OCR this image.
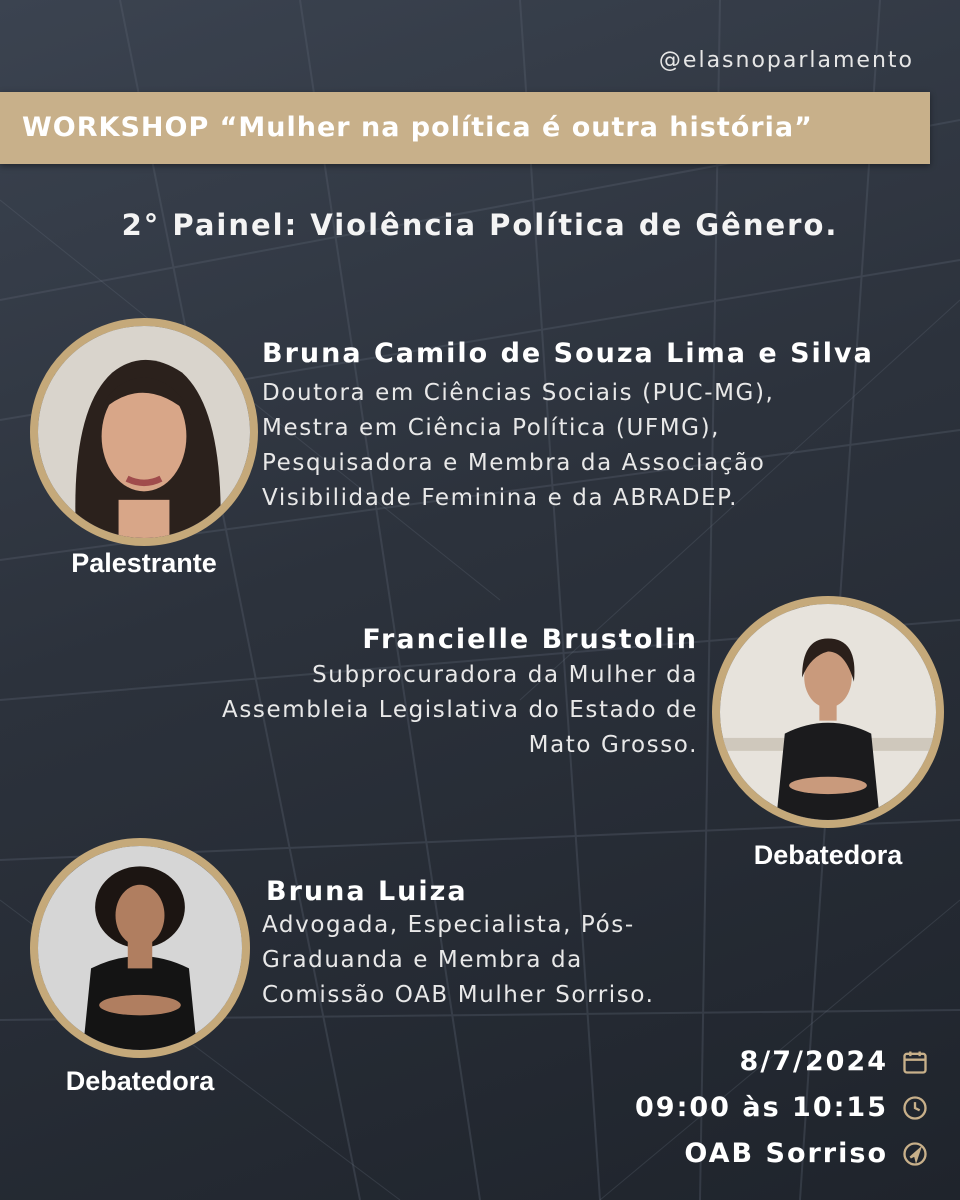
@elasnoparlamento
WORKSHOP “Mulher na política é outra história”
2° Painel: Violência Política de Gênero.
Palestrante
Bruna Camilo de Souza Lima e Silva
Doutora em Ciências Sociais (PUC-MG),
Mestra em Ciência Política (UFMG),
Pesquisadora e Membra da Associação
Visibilidade Feminina e da ABRADEP.
Francielle Brustolin
Subprocuradora da Mulher da
Assembleia Legislativa do Estado de
Mato Grosso.
Debatedora
Debatedora
Bruna Luiza
Advogada, Especialista, Pós-
Graduanda e Membra da
Comissão OAB Mulher Sorriso.
8/7/2024
09:00 às 10:15
OAB Sorriso
